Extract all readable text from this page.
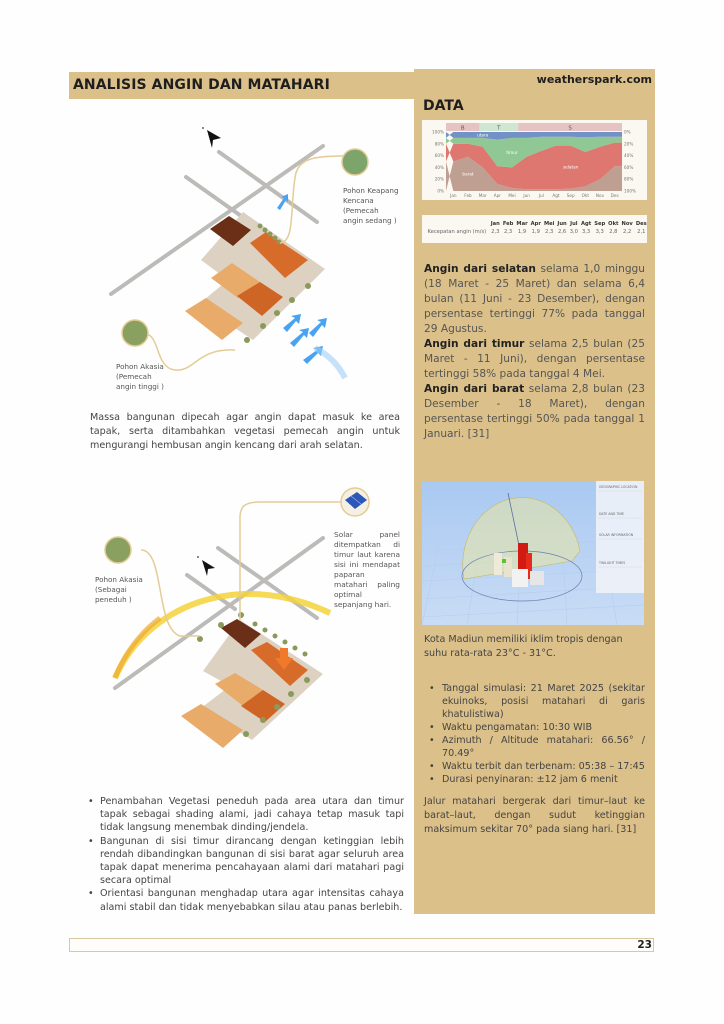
ANALISIS ANGIN DAN MATAHARI	weatherspark.com
DATA
B	T	S
utara
timur
barat
selatan
0%
20%
40%
60%
80%
100%
100%
80%
60%
40%
20%
0%
Jan Feb Mar Apr Mei Jun Jul Agt Sep Okt Nov Des
	Jan	Feb	Mar	Apr	Mei	Jun	Jul	Agt	Sep	Okt	Nov	Des
Kecepatan angin (m/s)	2,3	2,3	1,9	1,9	2,3	2,6	3,0	3,3	3,3	2,8	2,2	2,1
Angin dari selatan selama 1,0 minggu (18 Maret - 25 Maret) dan selama 6,4 bulan (11 Juni - 23 Desember), dengan persentase tertinggi 77% pada tanggal 29 Agustus.
Angin dari timur selama 2,5 bulan (25 Maret - 11 Juni), dengan persentase tertinggi 58% pada tanggal 4 Mei.
Angin dari barat selama 2,8 bulan (23 Desember - 18 Maret), dengan persentase tertinggi 50% pada tanggal 1 Januari. [31]
GEOGRAPHIC LOCATION
DATE AND TIME
SOLAR INFORMATION
TWILIGHT TIMES
Kota Madiun memiliki iklim tropis dengan suhu rata-rata 23°C - 31°C.
• Tanggal simulasi: 21 Maret 2025 (sekitar ekuinoks, posisi matahari di garis khatulistiwa)
• Waktu pengamatan: 10:30 WIB
• Azimuth / Altitude matahari: 66.56° / 70.49°
• Waktu terbit dan terbenam: 05:38 – 17:45
• Durasi penyinaran: ±12 jam 6 menit
Jalur matahari bergerak dari timur–laut ke barat–laut, dengan sudut ketinggian maksimum sekitar 70° pada siang hari. [31]
Pohon Keapang
Kencana
(Pemecah
angin sedang )
Pohon Akasia
(Pemecah
angin tinggi )
Massa bangunan dipecah agar angin dapat masuk ke area tapak, serta ditambahkan vegetasi pemecah angin untuk mengurangi hembusan angin kencang dari arah selatan.
Pohon Akasia
(Sebagai
peneduh )
Solar panel ditempatkan di timur laut karena sisi ini mendapat paparan matahari paling optimal sepanjang hari.
• Penambahan Vegetasi peneduh pada area utara dan timur tapak sebagai shading alami, jadi cahaya tetap masuk tapi tidak langsung menembak dinding/jendela.
• Bangunan di sisi timur dirancang dengan ketinggian lebih rendah dibandingkan bangunan di sisi barat agar seluruh area tapak dapat menerima pencahayaan alami dari matahari pagi secara optimal
• Orientasi bangunan menghadap utara agar intensitas cahaya alami stabil dan tidak menyebabkan silau atau panas berlebih.
23
